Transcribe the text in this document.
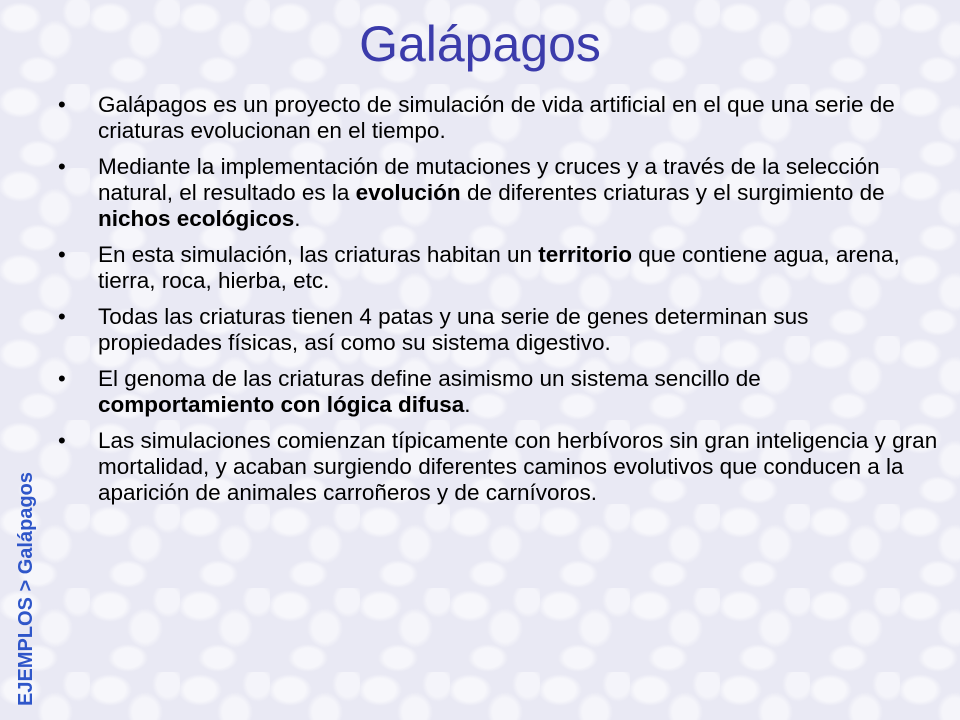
Galápagos
EJEMPLOS > Galápagos
•	Galápagos es un proyecto de simulación de vida artificial en el que una serie de criaturas evolucionan en el tiempo.
•	Mediante la implementación de mutaciones y cruces y a través de la selección natural, el resultado es la evolución de diferentes criaturas y el surgimiento de nichos ecológicos.
•	En esta simulación, las criaturas habitan un territorio que contiene agua, arena, tierra, roca, hierba, etc.
•	Todas las criaturas tienen 4 patas y una serie de genes determinan sus propiedades físicas, así como su sistema digestivo.
•	El genoma de las criaturas define asimismo un sistema sencillo de comportamiento con lógica difusa.
•	Las simulaciones comienzan típicamente con herbívoros sin gran inteligencia y gran mortalidad, y acaban surgiendo diferentes caminos evolutivos que conducen a la aparición de animales carroñeros y de carnívoros.
